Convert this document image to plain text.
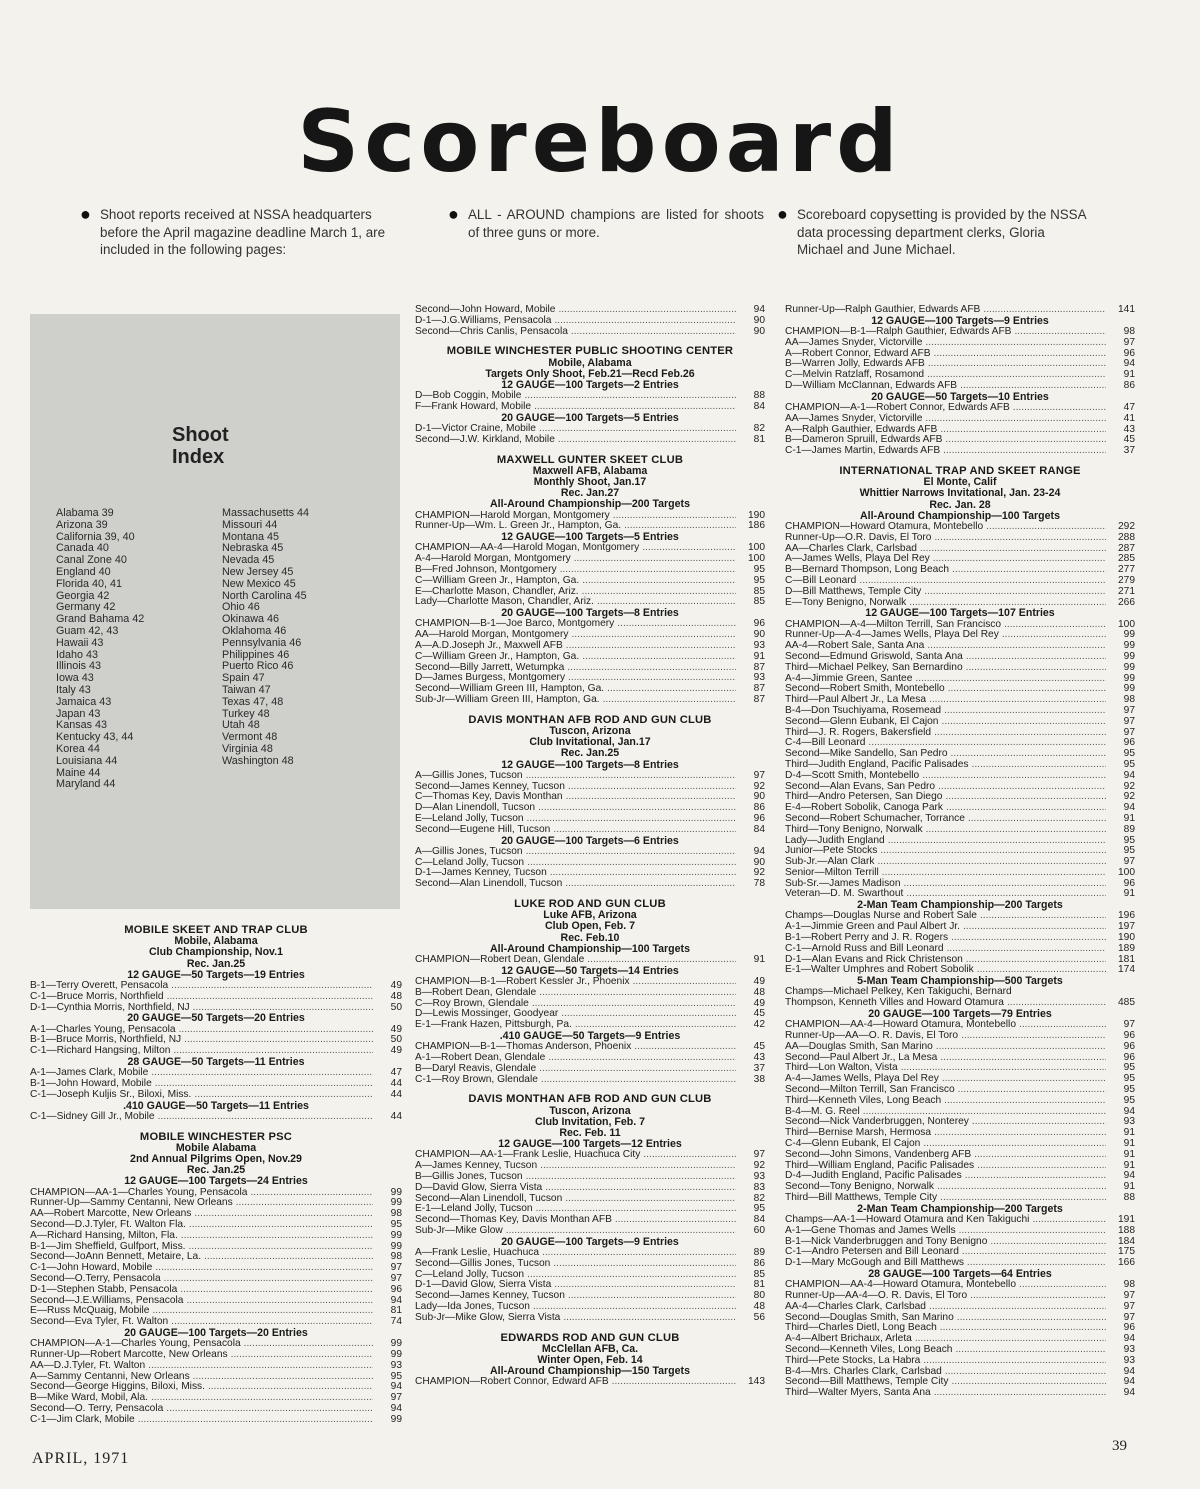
Scoreboard
● Shoot reports received at NSSA headquarters before the April magazine deadline March 1, are included in the following pages:
● ALL - AROUND champions are listed for shoots of three guns or more.
● Scoreboard copysetting is provided by the NSSA data processing department clerks, Gloria Michael and June Michael.
Shoot
Index
Alabama 39
Arizona 39
California 39, 40
Canada 40
Canal Zone 40
England 40
Florida 40, 41
Georgia 42
Germany 42
Grand Bahama 42
Guam 42, 43
Hawaii 43
Idaho 43
Illinois 43
Iowa 43
Italy 43
Jamaica 43
Japan 43
Kansas 43
Kentucky 43, 44
Korea 44
Louisiana 44
Maine 44
Maryland 44
Massachusetts 44
Missouri 44
Montana 45
Nebraska 45
Nevada 45
New Jersey 45
New Mexico 45
North Carolina 45
Ohio 46
Okinawa 46
Oklahoma 46
Pennsylvania 46
Philippines 46
Puerto Rico 46
Spain 47
Taiwan 47
Texas 47, 48
Turkey 48
Utah 48
Vermont 48
Virginia 48
Washington 48
MOBILE SKEET AND TRAP CLUB
Mobile, Alabama
Club Championship, Nov.1
Rec. Jan.25
12 GAUGE—50 Targets—19 Entries
B-1—Terry Overett, Pensacola .....	49
C-1—Bruce Morris, Northfield .....	48
D-1—Cynthia Morris, Northfield, NJ .....	50
20 GAUGE—50 Targets—20 Entries
A-1—Charles Young, Pensacola .....	49
B-1—Bruce Morris, Northfield, NJ .....	50
C-1—Richard Hangsing, Milton .....	49
28 GAUGE—50 Targets—11 Entries
A-1—James Clark, Mobile .....	47
B-1—John Howard, Mobile .....	44
C-1—Joseph Kuljis Sr., Biloxi, Miss. .....	44
.410 GAUGE—50 Targets—11 Entries
C-1—Sidney Gill Jr., Mobile .....	44
MOBILE WINCHESTER PSC
Mobile Alabama
2nd Annual Pilgrims Open, Nov.29
Rec. Jan.25
12 GAUGE—100 Targets—24 Entries
CHAMPION—AA-1—Charles Young, Pensacola .....	99
Runner-Up—Sammy Centanni, New Orleans .....	99
AA—Robert Marcotte, New Orleans .....	98
Second—D.J.Tyler, Ft. Walton Fla. .....	95
A—Richard Hansing, Milton, Fla. .....	99
B-1—Jim Sheffield, Gulfport, Miss. .....	99
Second—JoAnn Bennett, Metaire, La. .....	98
C-1—John Howard, Mobile .....	97
Second—O.Terry, Pensacola .....	97
D-1—Stephen Stabb, Pensacola .....	96
Second—J.E.Williams, Pensacola .....	94
E—Russ McQuaig, Mobile .....	81
Second—Eva Tyler, Ft. Walton .....	74
20 GAUGE—100 Targets—20 Entries
CHAMPION—A-1—Charles Young, Pensacola .....	99
Runner-Up—Robert Marcotte, New Orleans .....	99
AA—D.J.Tyler, Ft. Walton .....	93
A—Sammy Centanni, New Orleans .....	95
Second—George Higgins, Biloxi, Miss. .....	94
B—Mike Ward, Mobil, Ala. .....	97
Second—O. Terry, Pensacola .....	94
C-1—Jim Clark, Mobile .....	99
Second—John Howard, Mobile .....	94
D-1—J.G.Williams, Pensacola .....	90
Second—Chris Canlis, Pensacola .....	90
MOBILE WINCHESTER PUBLIC SHOOTING CENTER
Mobile, Alabama
Targets Only Shoot, Feb.21—Recd Feb.26
12 GAUGE—100 Targets—2 Entries
D—Bob Coggin, Mobile .....	88
F—Frank Howard, Mobile .....	84
20 GAUGE—100 Targets—5 Entries
D-1—Victor Craine, Mobile .....	82
Second—J.W. Kirkland, Mobile .....	81
MAXWELL GUNTER SKEET CLUB
Maxwell AFB, Alabama
Monthly Shoot, Jan.17
Rec. Jan.27
All-Around Championship—200 Targets
CHAMPION—Harold Morgan, Montgomery .....	190
Runner-Up—Wm. L. Green Jr., Hampton, Ga. .....	186
12 GAUGE—100 Targets—5 Entries
CHAMPION—AA-4—Harold Mogan, Montgomery .....	100
A-4—Harold Morgan, Montgomery .....	100
B—Fred Johnson, Montgomery .....	95
C—William Green Jr., Hampton, Ga. .....	95
E—Charlotte Mason, Chandler, Ariz. .....	85
Lady—Charlotte Mason, Chandler, Ariz. .....	85
20 GAUGE—100 Targets—8 Entries
CHAMPION—B-1—Joe Barco, Montgomery .....	96
AA—Harold Morgan, Montgomery .....	90
A—A.D.Joseph Jr., Maxwell AFB .....	93
C—William Green Jr., Hampton, Ga. .....	91
Second—Billy Jarrett, Wetumpka .....	87
D—James Burgess, Montgomery .....	93
Second—William Green III, Hampton, Ga. .....	87
Sub-Jr—William Green III, Hampton, Ga. .....	87
DAVIS MONTHAN AFB ROD AND GUN CLUB
Tuscon, Arizona
Club Invitational, Jan.17
Rec. Jan.25
12 GAUGE—100 Targets—8 Entries
A—Gillis Jones, Tucson .....	97
Second—James Kenney, Tucson .....	92
C—Thomas Key, Davis Monthan .....	90
D—Alan Linendoll, Tucson .....	86
E—Leland Jolly, Tucson .....	96
Second—Eugene Hill, Tucson .....	84
20 GAUGE—100 Targets—6 Entries
A—Gillis Jones, Tucson .....	94
C—Leland Jolly, Tucson .....	90
D-1—James Kenney, Tucson .....	92
Second—Alan Linendoll, Tucson .....	78
LUKE ROD AND GUN CLUB
Luke AFB, Arizona
Club Open, Feb. 7
Rec. Feb.10
All-Around Championship—100 Targets
CHAMPION—Robert Dean, Glendale .....	91
12 GAUGE—50 Targets—14 Entries
CHAMPION—B-1—Robert Kessler Jr., Phoenix .....	49
B—Robert Dean, Glendale .....	48
C—Roy Brown, Glendale .....	49
D—Lewis Mossinger, Goodyear .....	45
E-1—Frank Hazen, Pittsburgh, Pa. .....	42
.410 GAUGE—50 Targets—9 Entries
CHAMPION—B-1—Thomas Anderson, Phoenix .....	45
A-1—Robert Dean, Glendale .....	43
B—Daryl Reavis, Glendale .....	37
C-1—Roy Brown, Glendale .....	38
DAVIS MONTHAN AFB ROD AND GUN CLUB
Tuscon, Arizona
Club Invitation, Feb. 7
Rec. Feb. 11
12 GAUGE—100 Targets—12 Entries
CHAMPION—AA-1—Frank Leslie, Huachuca City .....	97
A—James Kenney, Tucson .....	92
B—Gillis Jones, Tucson .....	93
D—David Glow, Sierra Vista .....	83
Second—Alan Linendoll, Tucson .....	82
E-1—Leland Jolly, Tucson .....	95
Second—Thomas Key, Davis Monthan AFB .....	84
Sub-Jr—Mike Glow .....	60
20 GAUGE—100 Targets—9 Entries
A—Frank Leslie, Huachuca .....	89
Second—Gillis Jones, Tucson .....	86
C—Leland Jolly, Tucson .....	85
D-1—David Glow, Sierra Vista .....	81
Second—James Kenney, Tucson .....	80
Lady—Ida Jones, Tucson .....	48
Sub-Jr—Mike Glow, Sierra Vista .....	56
EDWARDS ROD AND GUN CLUB
McClellan AFB, Ca.
Winter Open, Feb. 14
All-Around Championship—150 Targets
CHAMPION—Robert Connor, Edward AFB .....	143
Runner-Up—Ralph Gauthier, Edwards AFB .....	141
12 GAUGE—100 Targets—9 Entries
CHAMPION—B-1—Ralph Gauthier, Edwards AFB .....	98
AA—James Snyder, Victorville .....	97
A—Robert Connor, Edward AFB .....	96
B—Warren Jolly, Edwards AFB .....	94
C—Melvin Ratzlaff, Rosamond .....	91
D—William McClannan, Edwards AFB .....	86
20 GAUGE—50 Targets—10 Entries
CHAMPION—A-1—Robert Connor, Edwards AFB .....	47
AA—James Snyder, Victorville .....	41
A—Ralph Gauthier, Edwards AFB .....	43
B—Dameron Spruill, Edwards AFB .....	45
C-1—James Martin, Edwards AFB .....	37
INTERNATIONAL TRAP AND SKEET RANGE
El Monte, Calif
Whittier Narrows Invitational, Jan. 23-24
Rec. Jan. 28
All-Around Championship—100 Targets
CHAMPION—Howard Otamura, Montebello .....	292
Runner-Up—O.R. Davis, El Toro .....	288
AA—Charles Clark, Carlsbad .....	287
A—James Wells, Playa Del Rey .....	285
B—Bernard Thompson, Long Beach .....	277
C—Bill Leonard .....	279
D—Bill Matthews, Temple City .....	271
E—Tony Benigno, Norwalk .....	266
12 GAUGE—100 Targets—107 Entries
CHAMPION—A-4—Milton Terrill, San Francisco .....	100
Runner-Up—A-4—James Wells, Playa Del Rey .....	99
AA-4—Robert Sale, Santa Ana .....	99
Second—Edmund Griswold, Santa Ana .....	99
Third—Michael Pelkey, San Bernardino .....	99
A-4—Jimmie Green, Santee .....	99
Second—Robert Smith, Montebello .....	99
Third—Paul Albert Jr., La Mesa .....	98
B-4—Don Tsuchiyama, Rosemead .....	97
Second—Glenn Eubank, El Cajon .....	97
Third—J. R. Rogers, Bakersfield .....	97
C-4—Bill Leonard .....	96
Second—Mike Sandello, San Pedro .....	95
Third—Judith England, Pacific Palisades .....	95
D-4—Scott Smith, Montebello .....	94
Second—Alan Evans, San Pedro .....	92
Third—Andro Petersen, San Diego .....	92
E-4—Robert Sobolik, Canoga Park .....	94
Second—Robert Schumacher, Torrance .....	91
Third—Tony Benigno, Norwalk .....	89
Lady—Judith England .....	95
Junior—Pete Stocks .....	95
Sub-Jr.—Alan Clark .....	97
Senior—Milton Terrill .....	100
Sub-Sr.—James Madison .....	96
Veteran—D. M. Swarthout .....	91
2-Man Team Championship—200 Targets
Champs—Douglas Nurse and Robert Sale .....	196
A-1—Jimmie Green and Paul Albert Jr. .....	197
B-1—Robert Perry and J. R. Rogers .....	190
C-1—Arnold Russ and Bill Leonard .....	189
D-1—Alan Evans and Rick Christenson .....	181
E-1—Walter Umphres and Robert Sobolik .....	174
5-Man Team Championship—500 Targets
Champs—Michael Pelkey, Ken Takiguchi, Bernard
Thompson, Kenneth Villes and Howard Otamura .....	485
20 GAUGE—100 Targets—79 Entries
CHAMPION—AA-4—Howard Otamura, Montebello .....	97
Runner-Up—AA—O. R. Davis, El Toro .....	96
AA—Douglas Smith, San Marino .....	96
Second—Paul Albert Jr., La Mesa .....	96
Third—Lon Walton, Vista .....	95
A-4—James Wells, Playa Del Rey .....	95
Second—Milton Terrill, San Francisco .....	95
Third—Kenneth Viles, Long Beach .....	95
B-4—M. G. Reel .....	94
Second—Nick Vanderbruggen, Nonterey .....	93
Third—Bernise Marsh, Hermosa .....	91
C-4—Glenn Eubank, El Cajon .....	91
Second—John Simons, Vandenberg AFB .....	91
Third—William England, Pacific Palisades .....	91
D-4—Judith England, Pacific Palisades .....	94
Second—Tony Benigno, Norwalk .....	91
Third—Bill Matthews, Temple City .....	88
2-Man Team Championship—200 Targets
Champs—AA-1—Howard Otamura and Ken Takiguchi .....	191
A-1—Gene Thomas and James Wells .....	188
B-1—Nick Vanderbruggen and Tony Benigno .....	184
C-1—Andro Petersen and Bill Leonard .....	175
D-1—Mary McGough and Bill Matthews .....	166
28 GAUGE—100 Targets—64 Entries
CHAMPION—AA-4—Howard Otamura, Montebello .....	98
Runner-Up—AA-4—O. R. Davis, El Toro .....	97
AA-4—Charles Clark, Carlsbad .....	97
Second—Douglas Smith, San Marino .....	97
Third—Charles Dietl, Long Beach .....	96
A-4—Albert Brichaux, Arleta .....	94
Second—Kenneth Viles, Long Beach .....	93
Third—Pete Stocks, La Habra .....	93
B-4—Mrs. Charles Clark, Carlsbad .....	94
Second—Bill Matthews, Temple City .....	94
Third—Walter Myers, Santa Ana .....	94
APRIL, 1971
39
